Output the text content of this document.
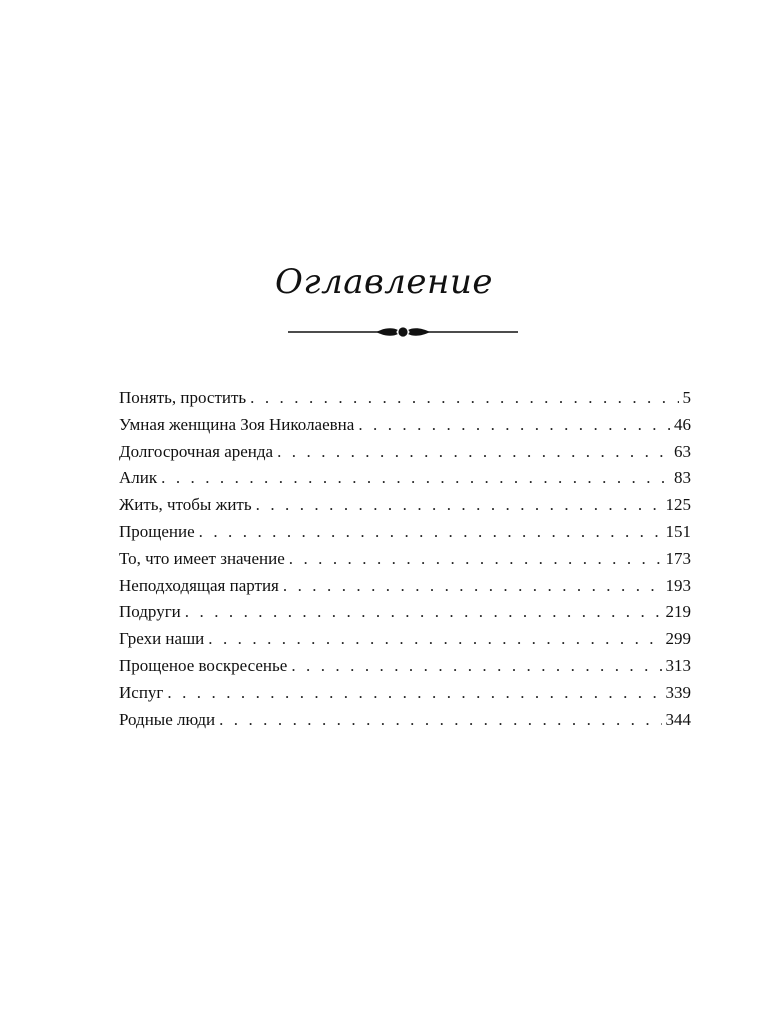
Оглавление
Понять, простить . . .	5
Умная женщина Зоя Николаевна . . .	46
Долгосрочная аренда . . .	63
Алик . . .	83
Жить, чтобы жить . . .	125
Прощение . . .	151
То, что имеет значение . . .	173
Неподходящая партия . . .	193
Подруги . . .	219
Грехи наши . . .	299
Прощеное воскресенье . . .	313
Испуг . . .	339
Родные люди . . .	344
